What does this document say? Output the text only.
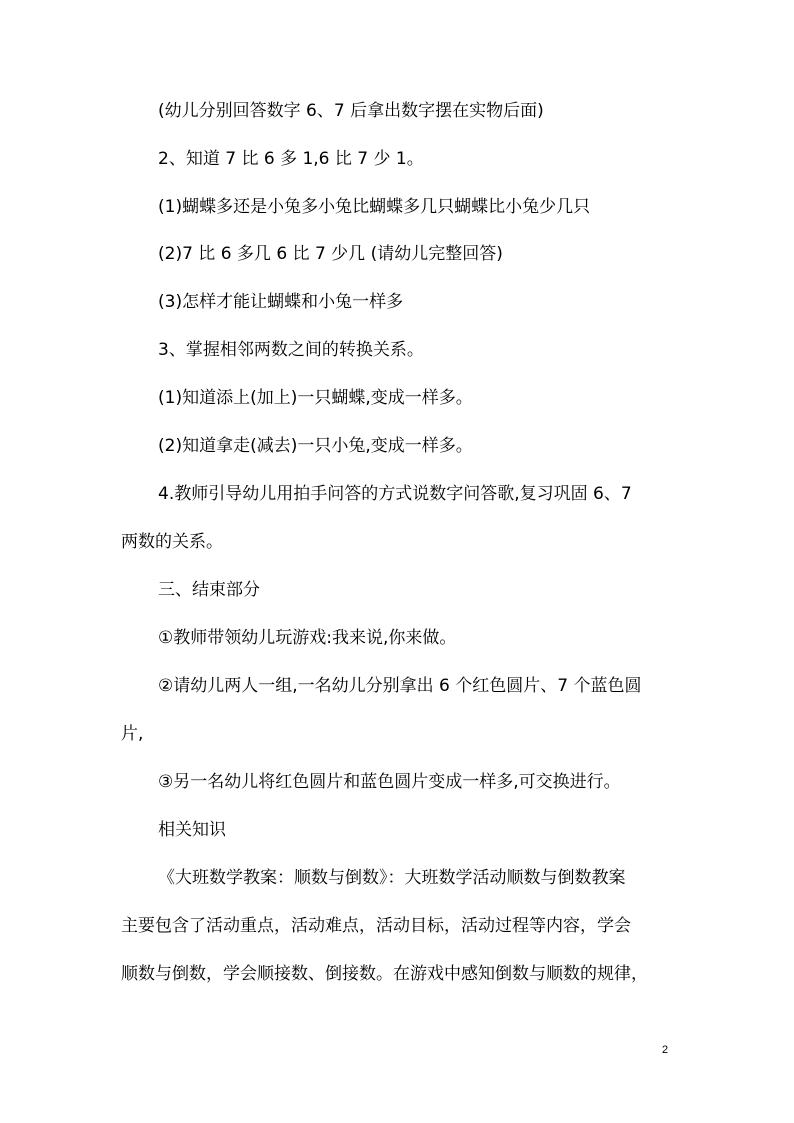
(幼儿分别回答数字 6、7 后拿出数字摆在实物后面)
2、知道 7 比 6 多 1,6 比 7 少 1。
(1)蝴蝶多还是小兔多小兔比蝴蝶多几只蝴蝶比小兔少几只
(2)7 比 6 多几 6 比 7 少几 (请幼儿完整回答)
(3)怎样才能让蝴蝶和小兔一样多
3、掌握相邻两数之间的转换关系。
(1)知道添上(加上)一只蝴蝶,变成一样多。
(2)知道拿走(减去)一只小兔,变成一样多。
4.教师引导幼儿用拍手问答的方式说数字问答歌,复习巩固 6、7
两数的关系。
三、结束部分
①教师带领幼儿玩游戏:我来说,你来做。
②请幼儿两人一组,一名幼儿分别拿出 6 个红色圆片、7 个蓝色圆
片,
③另一名幼儿将红色圆片和蓝色圆片变成一样多,可交换进行。
相关知识
《大班数学教案：顺数与倒数》：大班数学活动顺数与倒数教案
主要包含了活动重点，活动难点，活动目标，活动过程等内容，学会
顺数与倒数，学会顺接数、倒接数。在游戏中感知倒数与顺数的规律，
2
